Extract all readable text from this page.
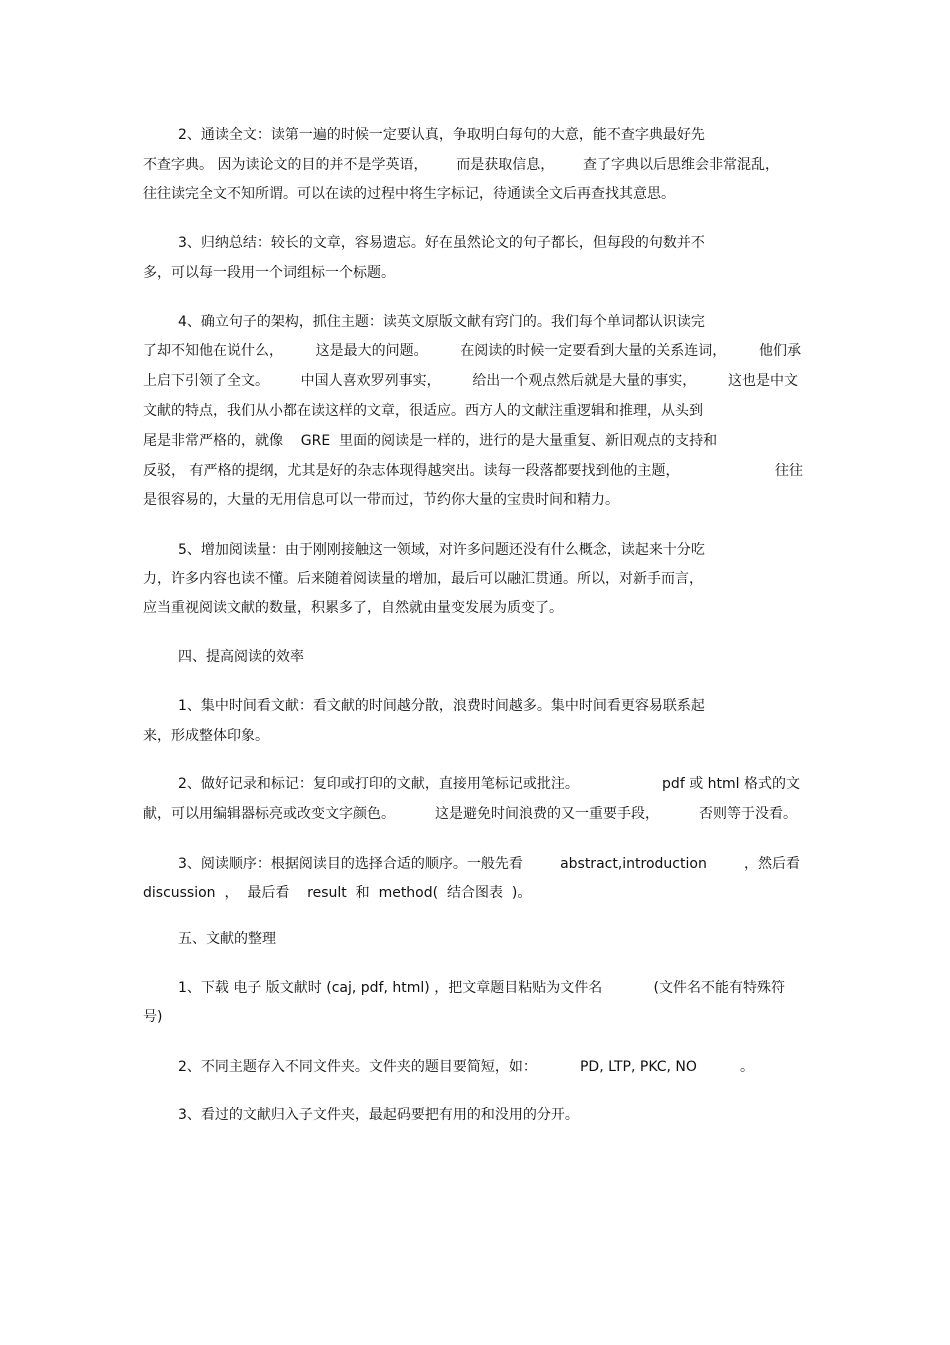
2、通读全文：读第一遍的时候一定要认真，争取明白每句的大意，能不查字典最好先
不查字典。 因为读论文的目的并不是学英语， 而是获取信息， 查了字典以后思维会非常混乱，
往往读完全文不知所谓。可以在读的过程中将生字标记，待通读全文后再查找其意思。
3、归纳总结：较长的文章，容易遗忘。好在虽然论文的句子都长，但每段的句数并不
多，可以每一段用一个词组标一个标题。
4、确立句子的架构，抓住主题：读英文原版文献有窍门的。我们每个单词都认识读完
了却不知他在说什么， 这是最大的问题。 在阅读的时候一定要看到大量的关系连词， 他们承
上启下引领了全文。 中国人喜欢罗列事实， 给出一个观点然后就是大量的事实， 这也是中文
文献的特点，我们从小都在读这样的文章，很适应。西方人的文献注重逻辑和推理，从头到
尾是非常严格的，就像    GRE  里面的阅读是一样的，进行的是大量重复、新旧观点的支持和
反驳， 有严格的提纲，尤其是好的杂志体现得越突出。读每一段落都要找到他的主题，	往往
是很容易的，大量的无用信息可以一带而过，节约你大量的宝贵时间和精力。
5、增加阅读量：由于刚刚接触这一领域，对许多问题还没有什么概念，读起来十分吃
力，许多内容也读不懂。后来随着阅读量的增加，最后可以融汇贯通。所以，对新手而言，
应当重视阅读文献的数量，积累多了，自然就由量变发展为质变了。
四、提高阅读的效率
1、集中时间看文献：看文献的时间越分散，浪费时间越多。集中时间看更容易联系起
来，形成整体印象。
2、做好记录和标记：复印或打印的文献，直接用笔标记或批注。	pdf 或 html 格式的文
献，可以用编辑器标亮或改变文字颜色。	这是避免时间浪费的又一重要手段，	否则等于没看。
3、阅读顺序：根据阅读目的选择合适的顺序。一般先看	abstract,introduction	，然后看
discussion  ，  最后看    result  和  method(  结合图表  )。
五、文献的整理
1、下载 电子 版文献时 (caj, pdf, html) ，把文章题目粘贴为文件名	(文件名不能有特殊符
号)
2、不同主题存入不同文件夹。文件夹的题目要简短，如：	PD, LTP, PKC, NO	。
3、看过的文献归入子文件夹，最起码要把有用的和没用的分开。
